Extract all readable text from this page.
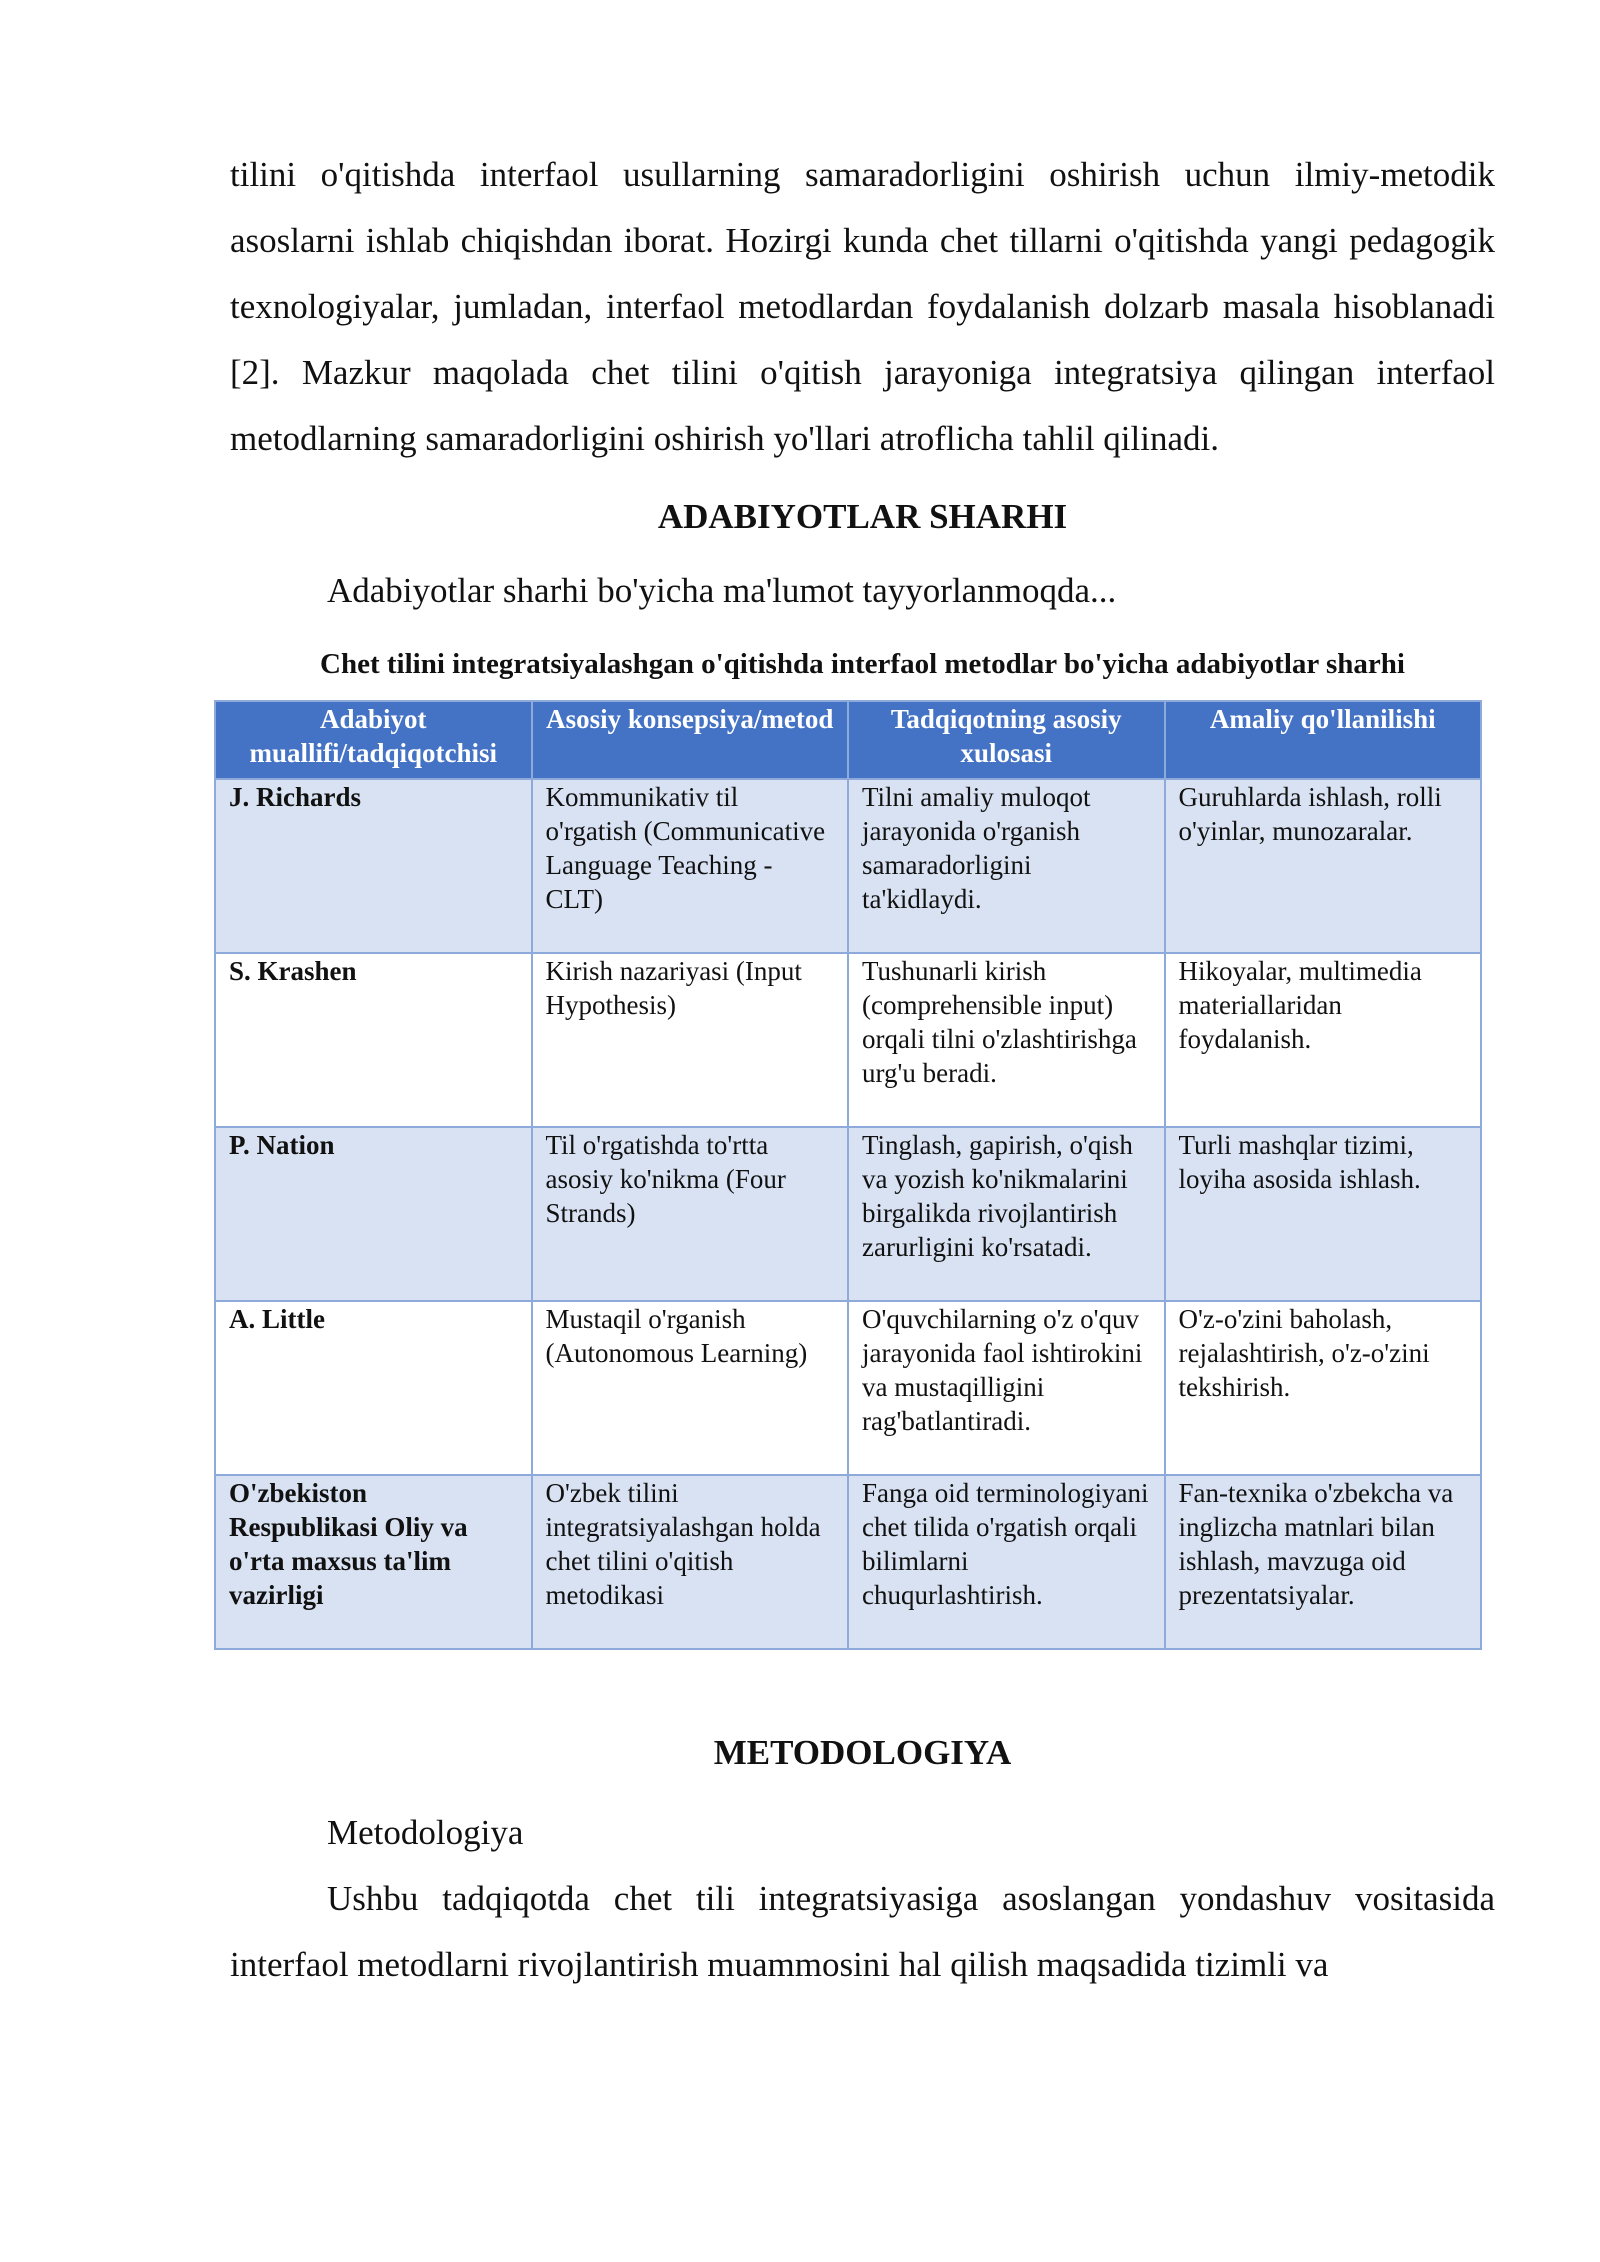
tilini o'qitishda interfaol usullarning samaradorligini oshirish uchun ilmiy-metodik asoslarni ishlab chiqishdan iborat. Hozirgi kunda chet tillarni o'qitishda yangi pedagogik texnologiyalar, jumladan, interfaol metodlardan foydalanish dolzarb masala hisoblanadi [2]. Mazkur maqolada chet tilini o'qitish jarayoniga integratsiya qilingan interfaol metodlarning samaradorligini oshirish yo'llari atroflicha tahlil qilinadi.

ADABIYOTLAR SHARHI

Adabiyotlar sharhi bo'yicha ma'lumot tayyorlanmoqda...

Chet tilini integratsiyalashgan o'qitishda interfaol metodlar bo'yicha adabiyotlar sharhi

Adabiyot muallifi/tadqiqotchisi	Asosiy konsepsiya/metod	Tadqiqotning asosiy xulosasi	Amaliy qo'llanilishi
J. Richards	Kommunikativ til o'rgatish (Communicative Language Teaching - CLT)	Tilni amaliy muloqot jarayonida o'rganish samaradorligini ta'kidlaydi.	Guruhlarda ishlash, rolli o'yinlar, munozaralar.
S. Krashen	Kirish nazariyasi (Input Hypothesis)	Tushunarli kirish (comprehensible input) orqali tilni o'zlashtirishga urg'u beradi.	Hikoyalar, multimedia materiallaridan foydalanish.
P. Nation	Til o'rgatishda to'rtta asosiy ko'nikma (Four Strands)	Tinglash, gapirish, o'qish va yozish ko'nikmalarini birgalikda rivojlantirish zarurligini ko'rsatadi.	Turli mashqlar tizimi, loyiha asosida ishlash.
A. Little	Mustaqil o'rganish (Autonomous Learning)	O'quvchilarning o'z o'quv jarayonida faol ishtirokini va mustaqilligini rag'batlantiradi.	O'z-o'zini baholash, rejalashtirish, o'z-o'zini tekshirish.
O'zbekiston Respublikasi Oliy va o'rta maxsus ta'lim vazirligi	O'zbek tilini integratsiyalashgan holda chet tilini o'qitish metodikasi	Fanga oid terminologiyani chet tilida o'rgatish orqali bilimlarni chuqurlashtirish.	Fan-texnika o'zbekcha va inglizcha matnlari bilan ishlash, mavzuga oid prezentatsiyalar.
METODOLOGIYA

Metodologiya

Ushbu tadqiqotda chet tili integratsiyasiga asoslangan yondashuv vositasida interfaol metodlarni rivojlantirish muammosini hal qilish maqsadida tizimli va
